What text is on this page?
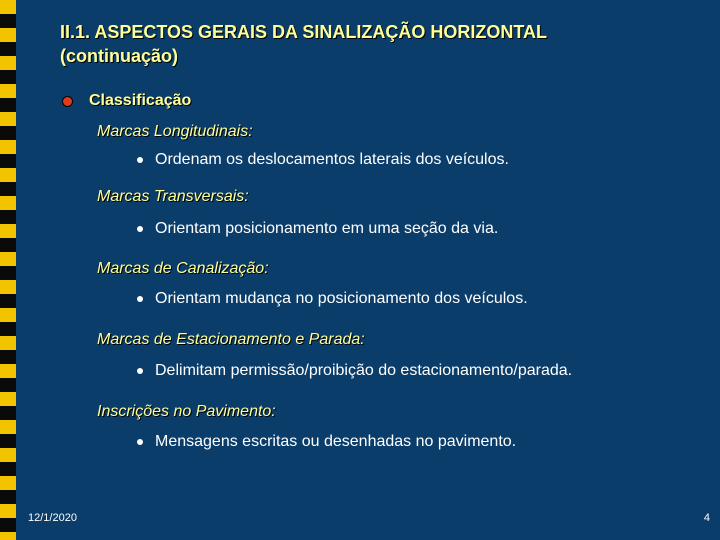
II.1. ASPECTOS GERAIS DA SINALIZAÇÃO HORIZONTAL
(continuação)
Classificação
Marcas Longitudinais:
Ordenam os deslocamentos laterais dos veículos.
Marcas Transversais:
Orientam posicionamento em uma seção da via.
Marcas de Canalização:
Orientam mudança no posicionamento dos veículos.
Marcas de Estacionamento e Parada:
Delimitam permissão/proibição do estacionamento/parada.
Inscrições no Pavimento:
Mensagens escritas ou desenhadas no pavimento.
12/1/2020	4
